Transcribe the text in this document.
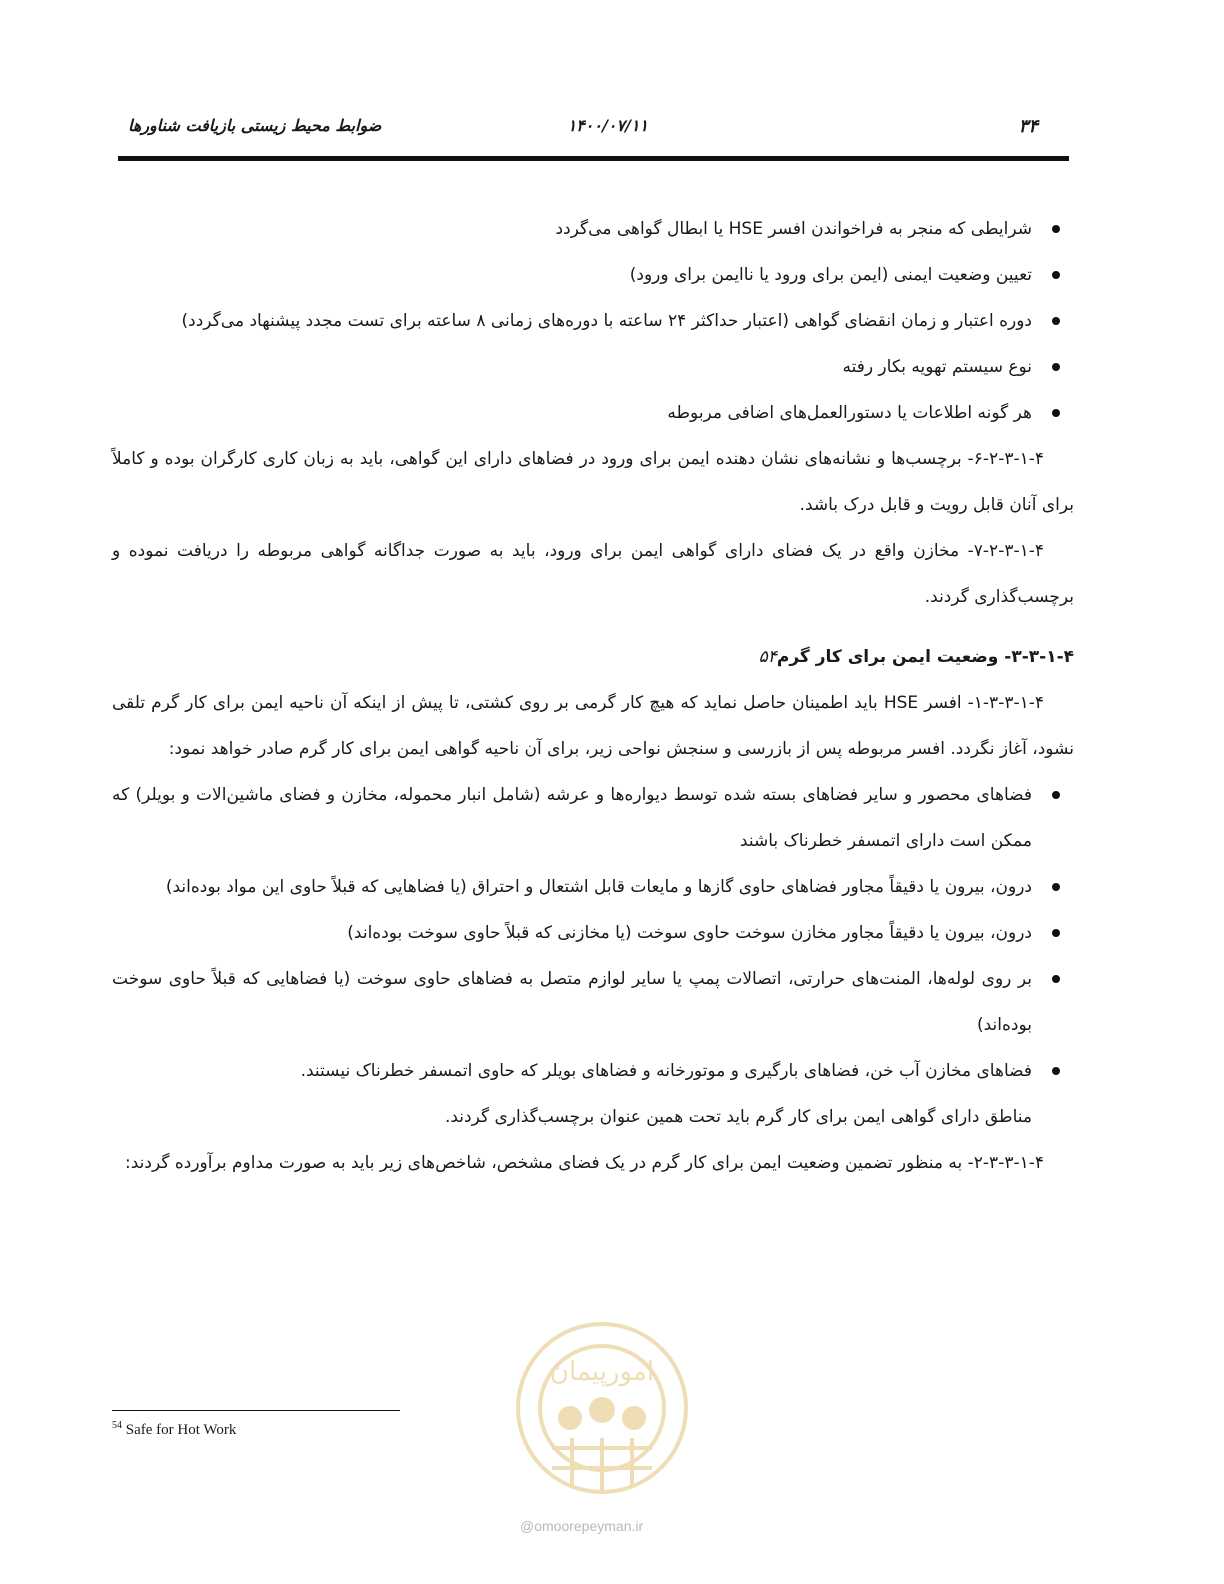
۳۴
۱۴۰۰/۰۷/۱۱
ضوابط محیط زیستی بازیافت شناورها
شرایطی که منجر به فراخواندن افسر HSE یا ابطال گواهی می‌گردد
تعیین وضعیت ایمنی (ایمن برای ورود یا ناایمن برای ورود)
دوره اعتبار و زمان انقضای گواهی (اعتبار حداکثر ۲۴ ساعته با دوره‌های زمانی ۸ ساعته برای تست مجدد پیشنهاد می‌گردد)
نوع سیستم تهویه بکار رفته
هر گونه اطلاعات یا دستورالعمل‌های اضافی مربوطه

۶-۲-۳-۱-۴- برچسب‌ها و نشانه‌های نشان دهنده ایمن برای ورود در فضاهای دارای این گواهی، باید به زبان کاری کارگران بوده و کاملاً برای آنان قابل رویت و قابل درک باشد.

۷-۲-۳-۱-۴- مخازن واقع در یک فضای دارای گواهی ایمن برای ورود، باید به صورت جداگانه گواهی مربوطه را دریافت نموده و برچسب‌گذاری گردند.

۳-۳-۱-۴- وضعیت ایمن برای کار گرم۵۴

۱-۳-۳-۱-۴- افسر HSE باید اطمینان حاصل نماید که هیچ کار گرمی بر روی کشتی، تا پیش از اینکه آن ناحیه ایمن برای کار گرم تلقی نشود، آغاز نگردد. افسر مربوطه پس از بازرسی و سنجش نواحی زیر، برای آن ناحیه گواهی ایمن برای کار گرم صادر خواهد نمود:

فضاهای محصور و سایر فضاهای بسته شده توسط دیواره‌ها و عرشه (شامل انبار محموله، مخازن و فضای ماشین‌الات و بویلر) که ممکن است دارای اتمسفر خطرناک باشند
درون، بیرون یا دقیقاً مجاور فضاهای حاوی گازها و مایعات قابل اشتعال و احتراق (یا فضاهایی که قبلاً حاوی این مواد بوده‌اند)
درون، بیرون یا دقیقاً مجاور مخازن سوخت حاوی سوخت (یا مخازنی که قبلاً حاوی سوخت بوده‌اند)
بر روی لوله‌ها، المنت‌های حرارتی، اتصالات پمپ یا سایر لوازم متصل به فضاهای حاوی سوخت (یا فضاهایی که قبلاً حاوی سوخت بوده‌اند)
فضاهای مخازن آب خن، فضاهای بارگیری و موتورخانه و فضاهای بویلر که حاوی اتمسفر خطرناک نیستند.

مناطق دارای گواهی ایمن برای کار گرم باید تحت همین عنوان برچسب‌گذاری گردند.

۲-۳-۳-۱-۴- به منظور تضمین وضعیت ایمن برای کار گرم در یک فضای مشخص، شاخص‌های زیر باید به صورت مداوم برآورده گردند:

$^{54}$ Safe for Hot Work
امورپیمان
@omoorepeyman.ir
